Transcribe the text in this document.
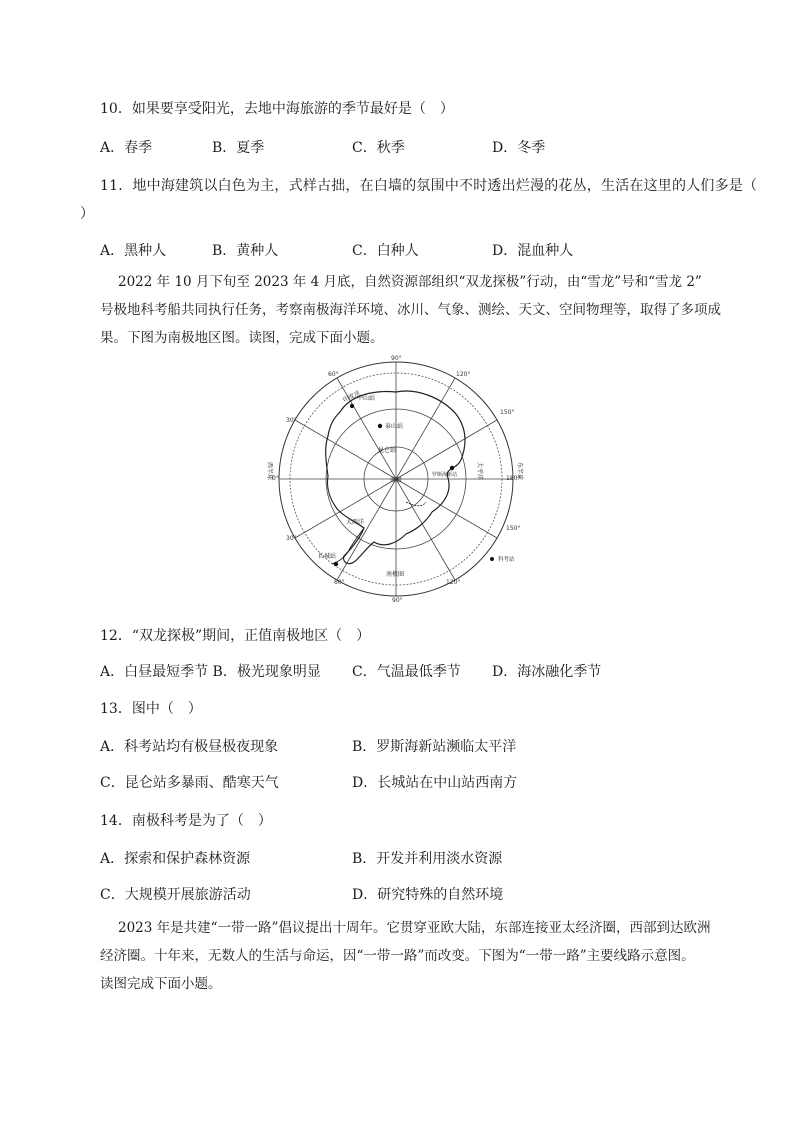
10．如果要享受阳光，去地中海旅游的季节最好是（　）
A．春季	B．夏季	C．秋季	D．冬季
11．地中海建筑以白色为主，式样古拙，在白墙的氛围中不时透出烂漫的花丛，生活在这里的人们多是（
）
A．黑种人	B．黄种人	C．白种人	D．混血种人
2022 年 10 月下旬至 2023 年 4 月底，自然资源部组织“双龙探极”行动，由“雪龙”号和“雪龙 2”
号极地科考船共同执行任务，考察南极海洋环境、冰川、气象、测绘、天文、空间物理等，取得了多项成
果。下图为南极地区图。读图，完成下面小题。
90°
120°
150°
180°
150°
120°
90°
60°
30°
0°
30°
60°
印度洋
太平洋
大西洋
西半球	东半球
南极圈
中山站
泰山站
昆仑站
罗斯海新站
南极
长城站	科考站
12．“双龙探极”期间，正值南极地区（　）
A．白昼最短季节 B．极光现象明显 C．气温最低季节 D．海冰融化季节
13．图中（　）
A．科考站均有极昼极夜现象	B．罗斯海新站濒临太平洋
C．昆仑站多暴雨、酷寒天气	D．长城站在中山站西南方
14．南极科考是为了（　）
A．探索和保护森林资源	B．开发并利用淡水资源
C．大规模开展旅游活动	D．研究特殊的自然环境
2023 年是共建“一带一路”倡议提出十周年。它贯穿亚欧大陆，东部连接亚太经济圈，西部到达欧洲
经济圈。十年来，无数人的生活与命运，因“一带一路”而改变。下图为“一带一路”主要线路示意图。
读图完成下面小题。
